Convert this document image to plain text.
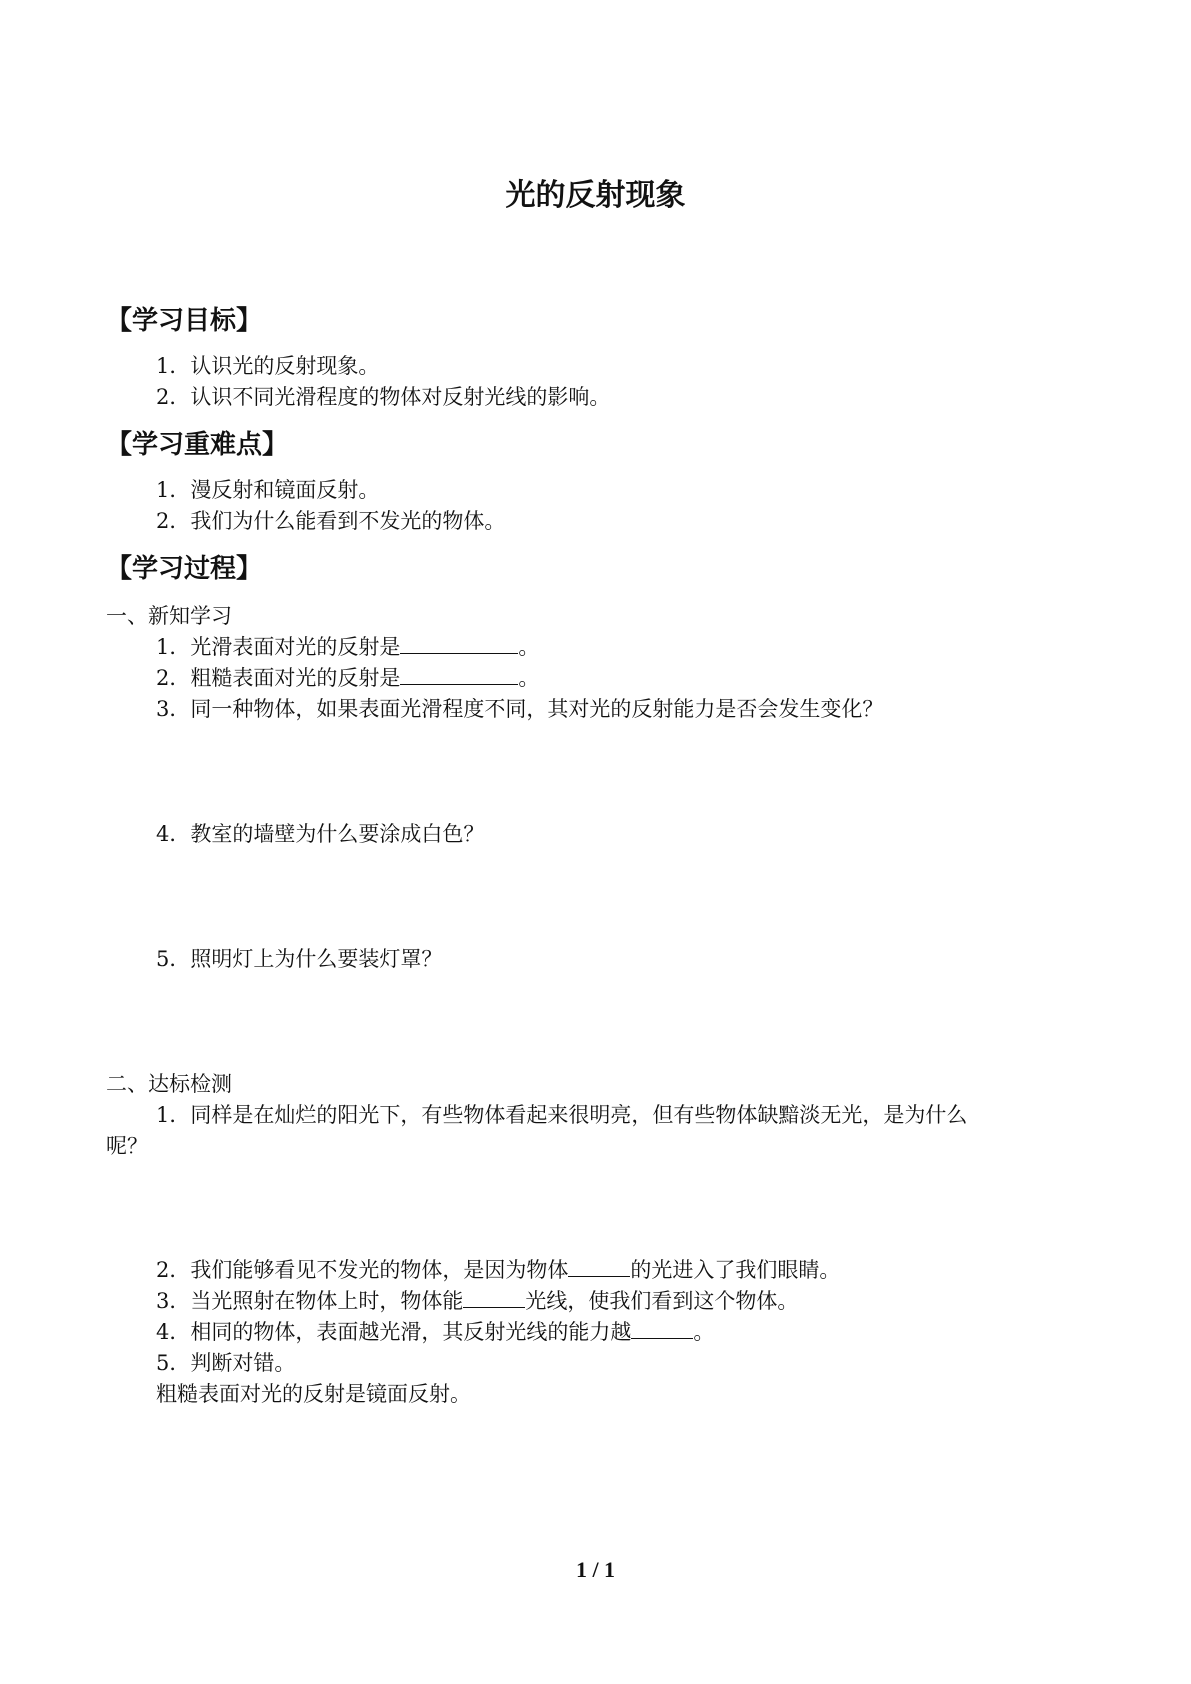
光的反射现象
【学习目标】
1．认识光的反射现象。
2．认识不同光滑程度的物体对反射光线的影响。
【学习重难点】
1．漫反射和镜面反射。
2．我们为什么能看到不发光的物体。
【学习过程】
一、新知学习
1．光滑表面对光的反射是	。
2．粗糙表面对光的反射是	。
3．同一种物体，如果表面光滑程度不同，其对光的反射能力是否会发生变化？
4．教室的墙壁为什么要涂成白色？
5．照明灯上为什么要装灯罩？
二、达标检测
1．同样是在灿烂的阳光下，有些物体看起来很明亮，但有些物体缺黯淡无光，是为什么
呢？
2．我们能够看见不发光的物体，是因为物体	的光进入了我们眼睛。
3．当光照射在物体上时，物体能	光线，使我们看到这个物体。
4．相同的物体，表面越光滑，其反射光线的能力越	。
5．判断对错。
粗糙表面对光的反射是镜面反射。
1 / 1
